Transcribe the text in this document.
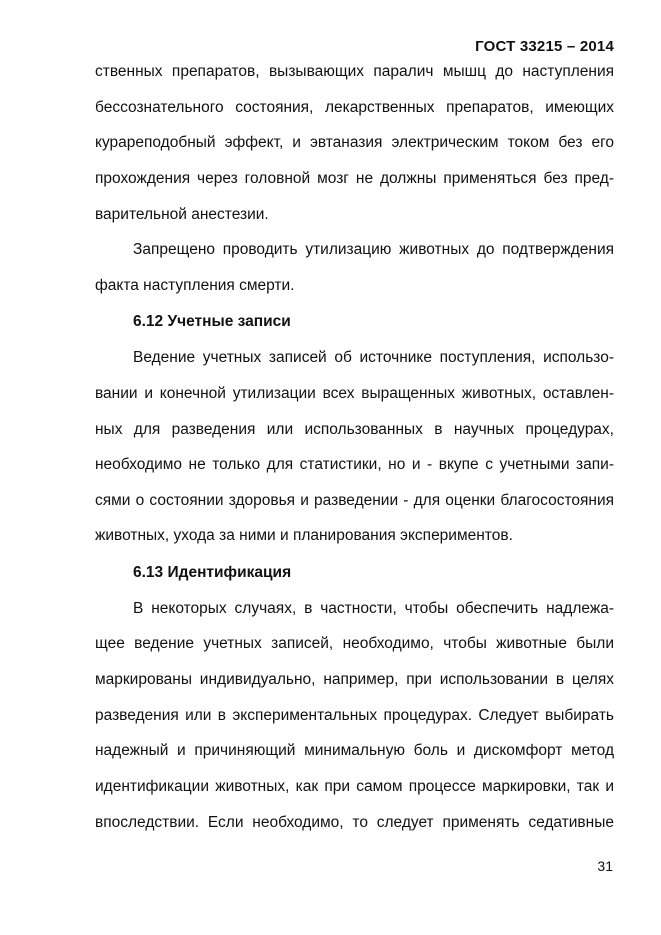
ГОСТ 33215 – 2014
ственных препаратов, вызывающих паралич мышц до наступления
бессознательного состояния, лекарственных препаратов, имеющих
курареподобный эффект, и эвтаназия электрическим током без его
прохождения через головной мозг не должны применяться без пред-
варительной анестезии.
Запрещено проводить утилизацию животных до подтверждения
факта наступления смерти.
6.12 Учетные записи
Ведение учетных записей об источнике поступления, использо-
вании и конечной утилизации всех выращенных животных, оставлен-
ных для разведения или использованных в научных процедурах,
необходимо не только для статистики, но и - вкупе с учетными запи-
сями о состоянии здоровья и разведении - для оценки благосостояния
животных, ухода за ними и планирования экспериментов.
6.13 Идентификация
В некоторых случаях, в частности, чтобы обеспечить надлежа-
щее ведение учетных записей, необходимо, чтобы животные были
маркированы индивидуально, например, при использовании в целях
разведения или в экспериментальных процедурах. Следует выбирать
надежный и причиняющий минимальную боль и дискомфорт метод
идентификации животных, как при самом процессе маркировки, так и
впоследствии. Если необходимо, то следует применять седативные
31
